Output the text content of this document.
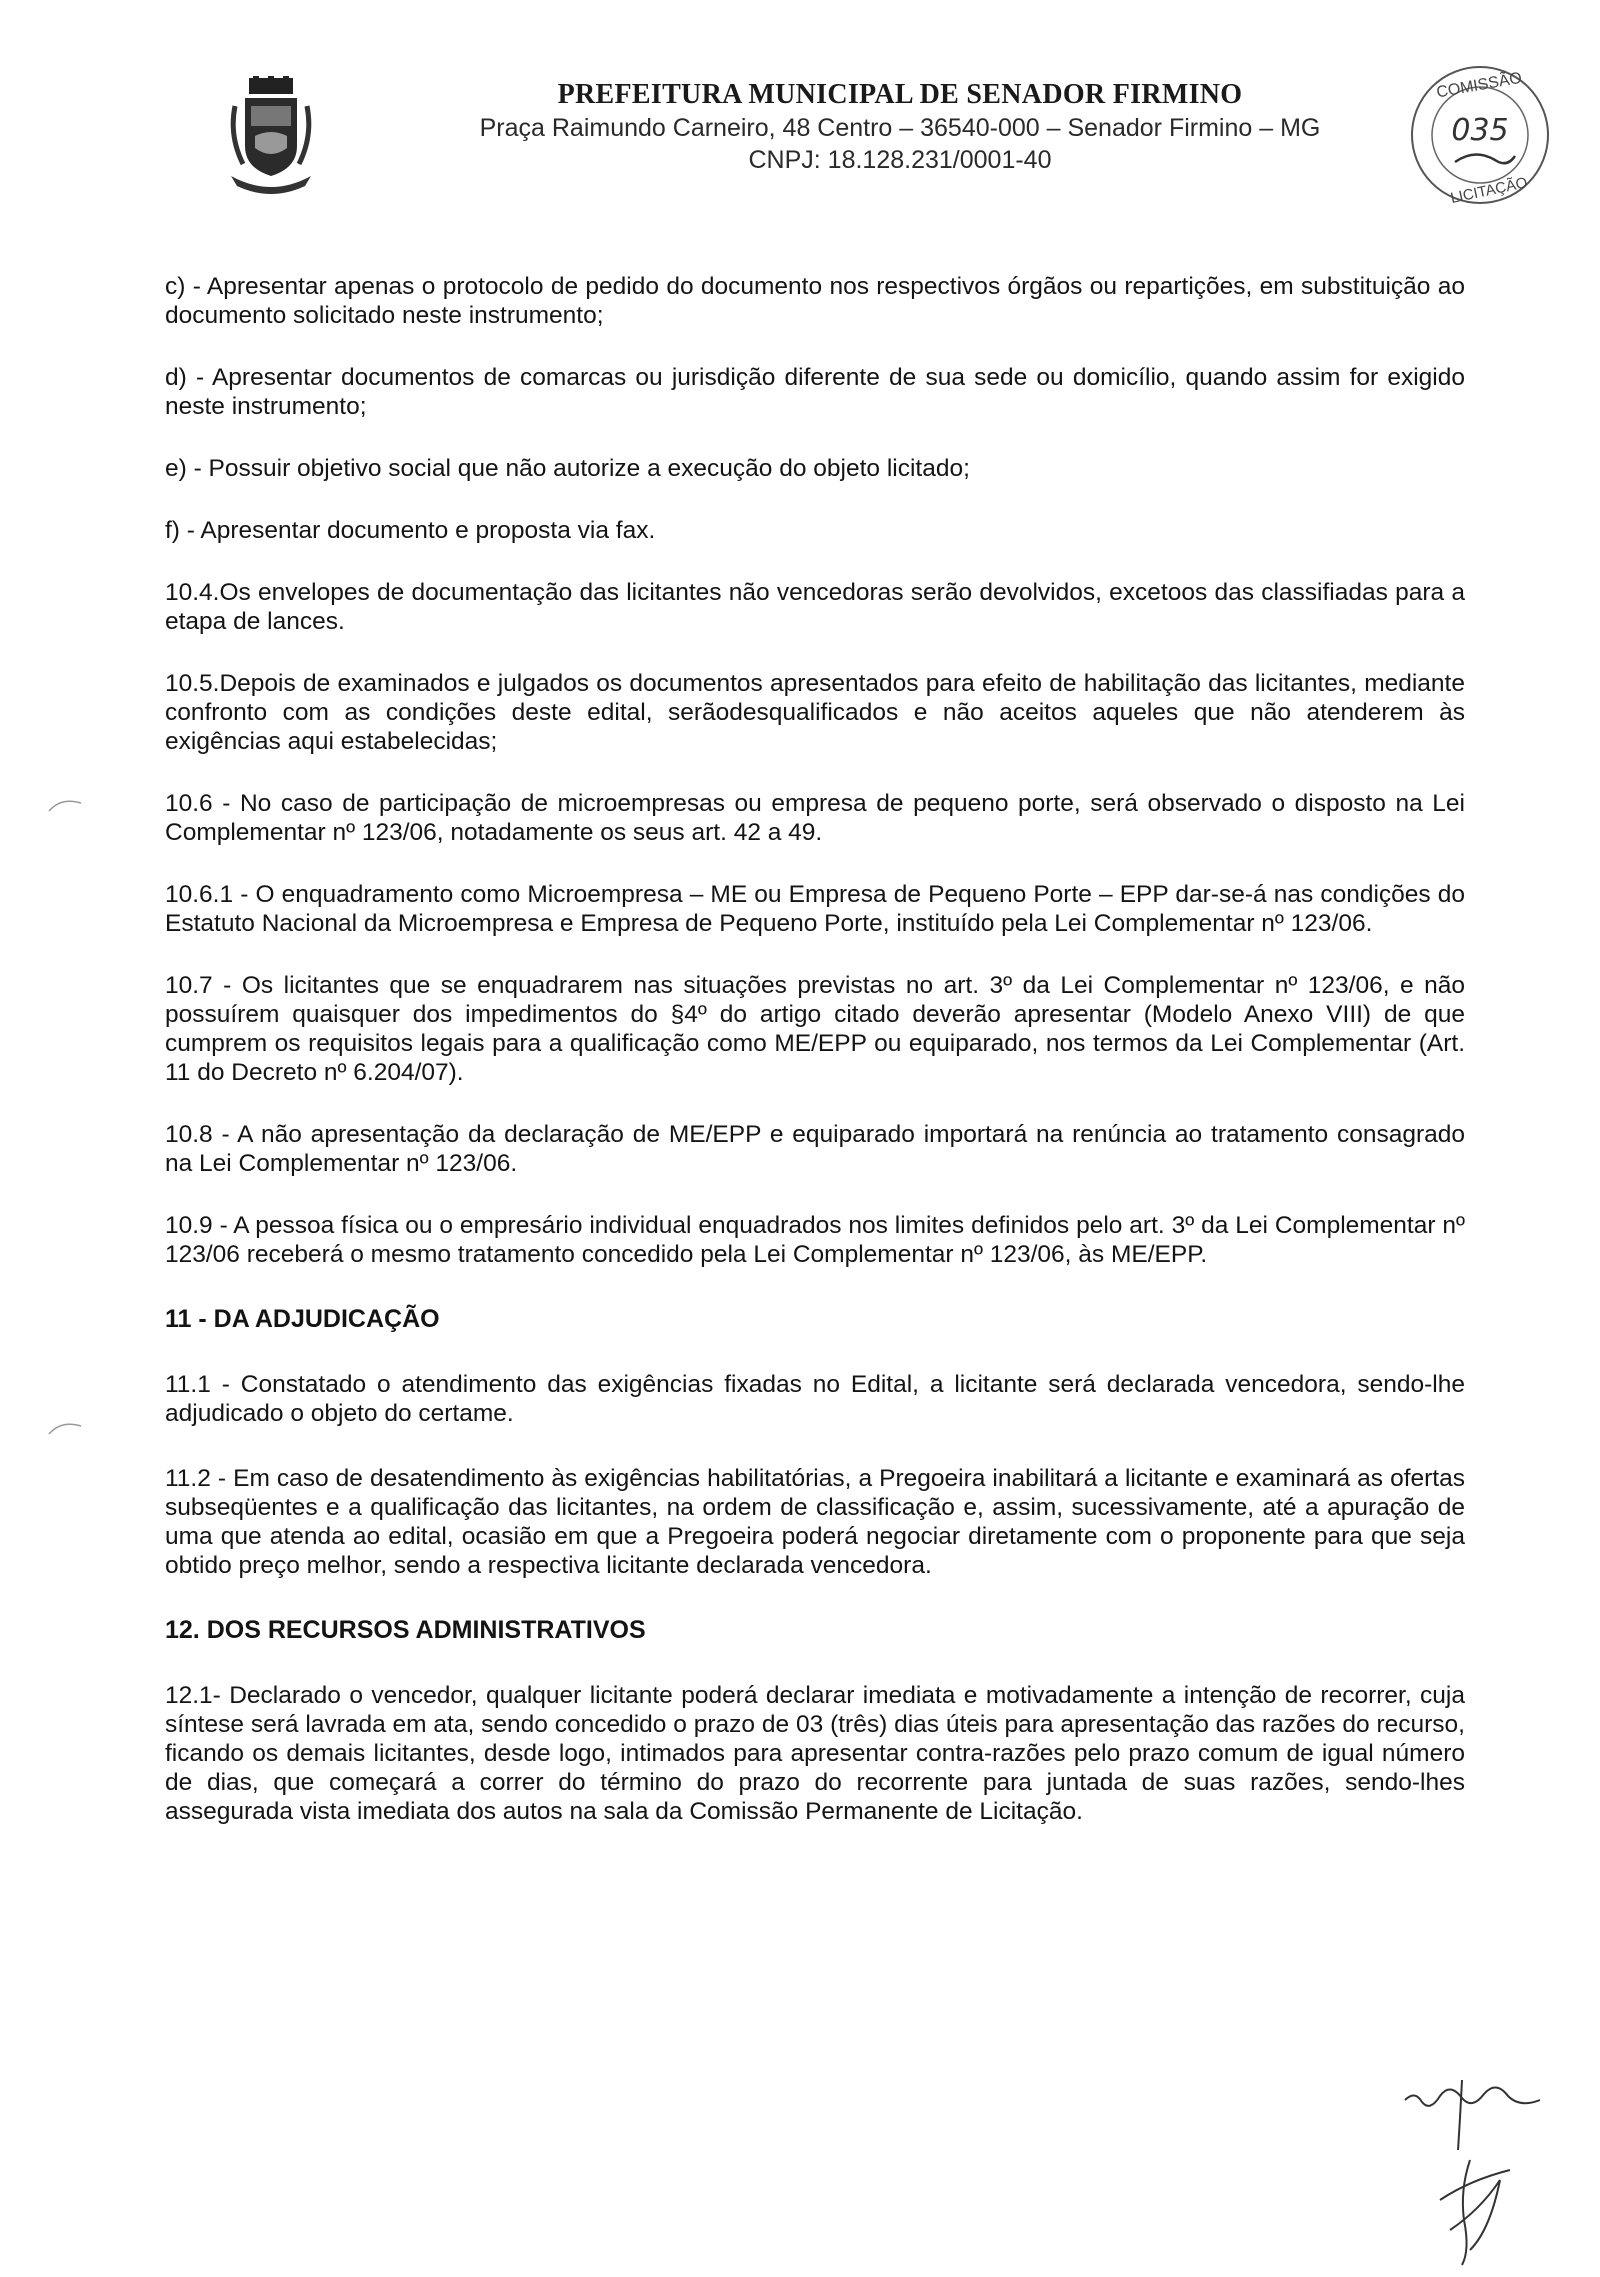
PREFEITURA MUNICIPAL DE SENADOR FIRMINO
Praça Raimundo Carneiro, 48 Centro – 36540-000 – Senador Firmino – MG
CNPJ: 18.128.231/0001-40
COMISSÃO
035
LICITAÇÃO

c) - Apresentar apenas o protocolo de pedido do documento nos respectivos órgãos ou repartições, em substituição ao documento solicitado neste instrumento;

d) - Apresentar documentos de comarcas ou jurisdição diferente de sua sede ou domicílio, quando assim for exigido neste instrumento;

e) - Possuir objetivo social que não autorize a execução do objeto licitado;

f) - Apresentar documento e proposta via fax.

10.4.Os envelopes de documentação das licitantes não vencedoras serão devolvidos, excetoos das classifiadas para a etapa de lances.

10.5.Depois de examinados e julgados os documentos apresentados para efeito de habilitação das licitantes, mediante confronto com as condições deste edital, serãodesqualificados e não aceitos aqueles que não atenderem às exigências aqui estabelecidas;

10.6 - No caso de participação de microempresas ou empresa de pequeno porte, será observado o disposto na Lei Complementar nº 123/06, notadamente os seus art. 42 a 49.

10.6.1 - O enquadramento como Microempresa – ME ou Empresa de Pequeno Porte – EPP dar-se-á nas condições do Estatuto Nacional da Microempresa e Empresa de Pequeno Porte, instituído pela Lei Complementar nº 123/06.

10.7 - Os licitantes que se enquadrarem nas situações previstas no art. 3º da Lei Complementar nº 123/06, e não possuírem quaisquer dos impedimentos do §4º do artigo citado deverão apresentar (Modelo Anexo VIII) de que cumprem os requisitos legais para a qualificação como ME/EPP ou equiparado, nos termos da Lei Complementar (Art. 11 do Decreto nº 6.204/07).

10.8 - A não apresentação da declaração de ME/EPP e equiparado importará na renúncia ao tratamento consagrado na Lei Complementar nº 123/06.

10.9 - A pessoa física ou o empresário individual enquadrados nos limites definidos pelo art. 3º da Lei Complementar nº 123/06 receberá o mesmo tratamento concedido pela Lei Complementar nº 123/06, às ME/EPP.

11 - DA ADJUDICAÇÃO

11.1 - Constatado o atendimento das exigências fixadas no Edital, a licitante será declarada vencedora, sendo-lhe adjudicado o objeto do certame.

11.2 - Em caso de desatendimento às exigências habilitatórias, a Pregoeira inabilitará a licitante e examinará as ofertas subseqüentes e a qualificação das licitantes, na ordem de classificação e, assim, sucessivamente, até a apuração de uma que atenda ao edital, ocasião em que a Pregoeira poderá negociar diretamente com o proponente para que seja obtido preço melhor, sendo a respectiva licitante declarada vencedora.

12. DOS RECURSOS ADMINISTRATIVOS

12.1- Declarado o vencedor, qualquer licitante poderá declarar imediata e motivadamente a intenção de recorrer, cuja síntese será lavrada em ata, sendo concedido o prazo de 03 (três) dias úteis para apresentação das razões do recurso, ficando os demais licitantes, desde logo, intimados para apresentar contra-razões pelo prazo comum de igual número de dias, que começará a correr do término do prazo do recorrente para juntada de suas razões, sendo-lhes assegurada vista imediata dos autos na sala da Comissão Permanente de Licitação.
